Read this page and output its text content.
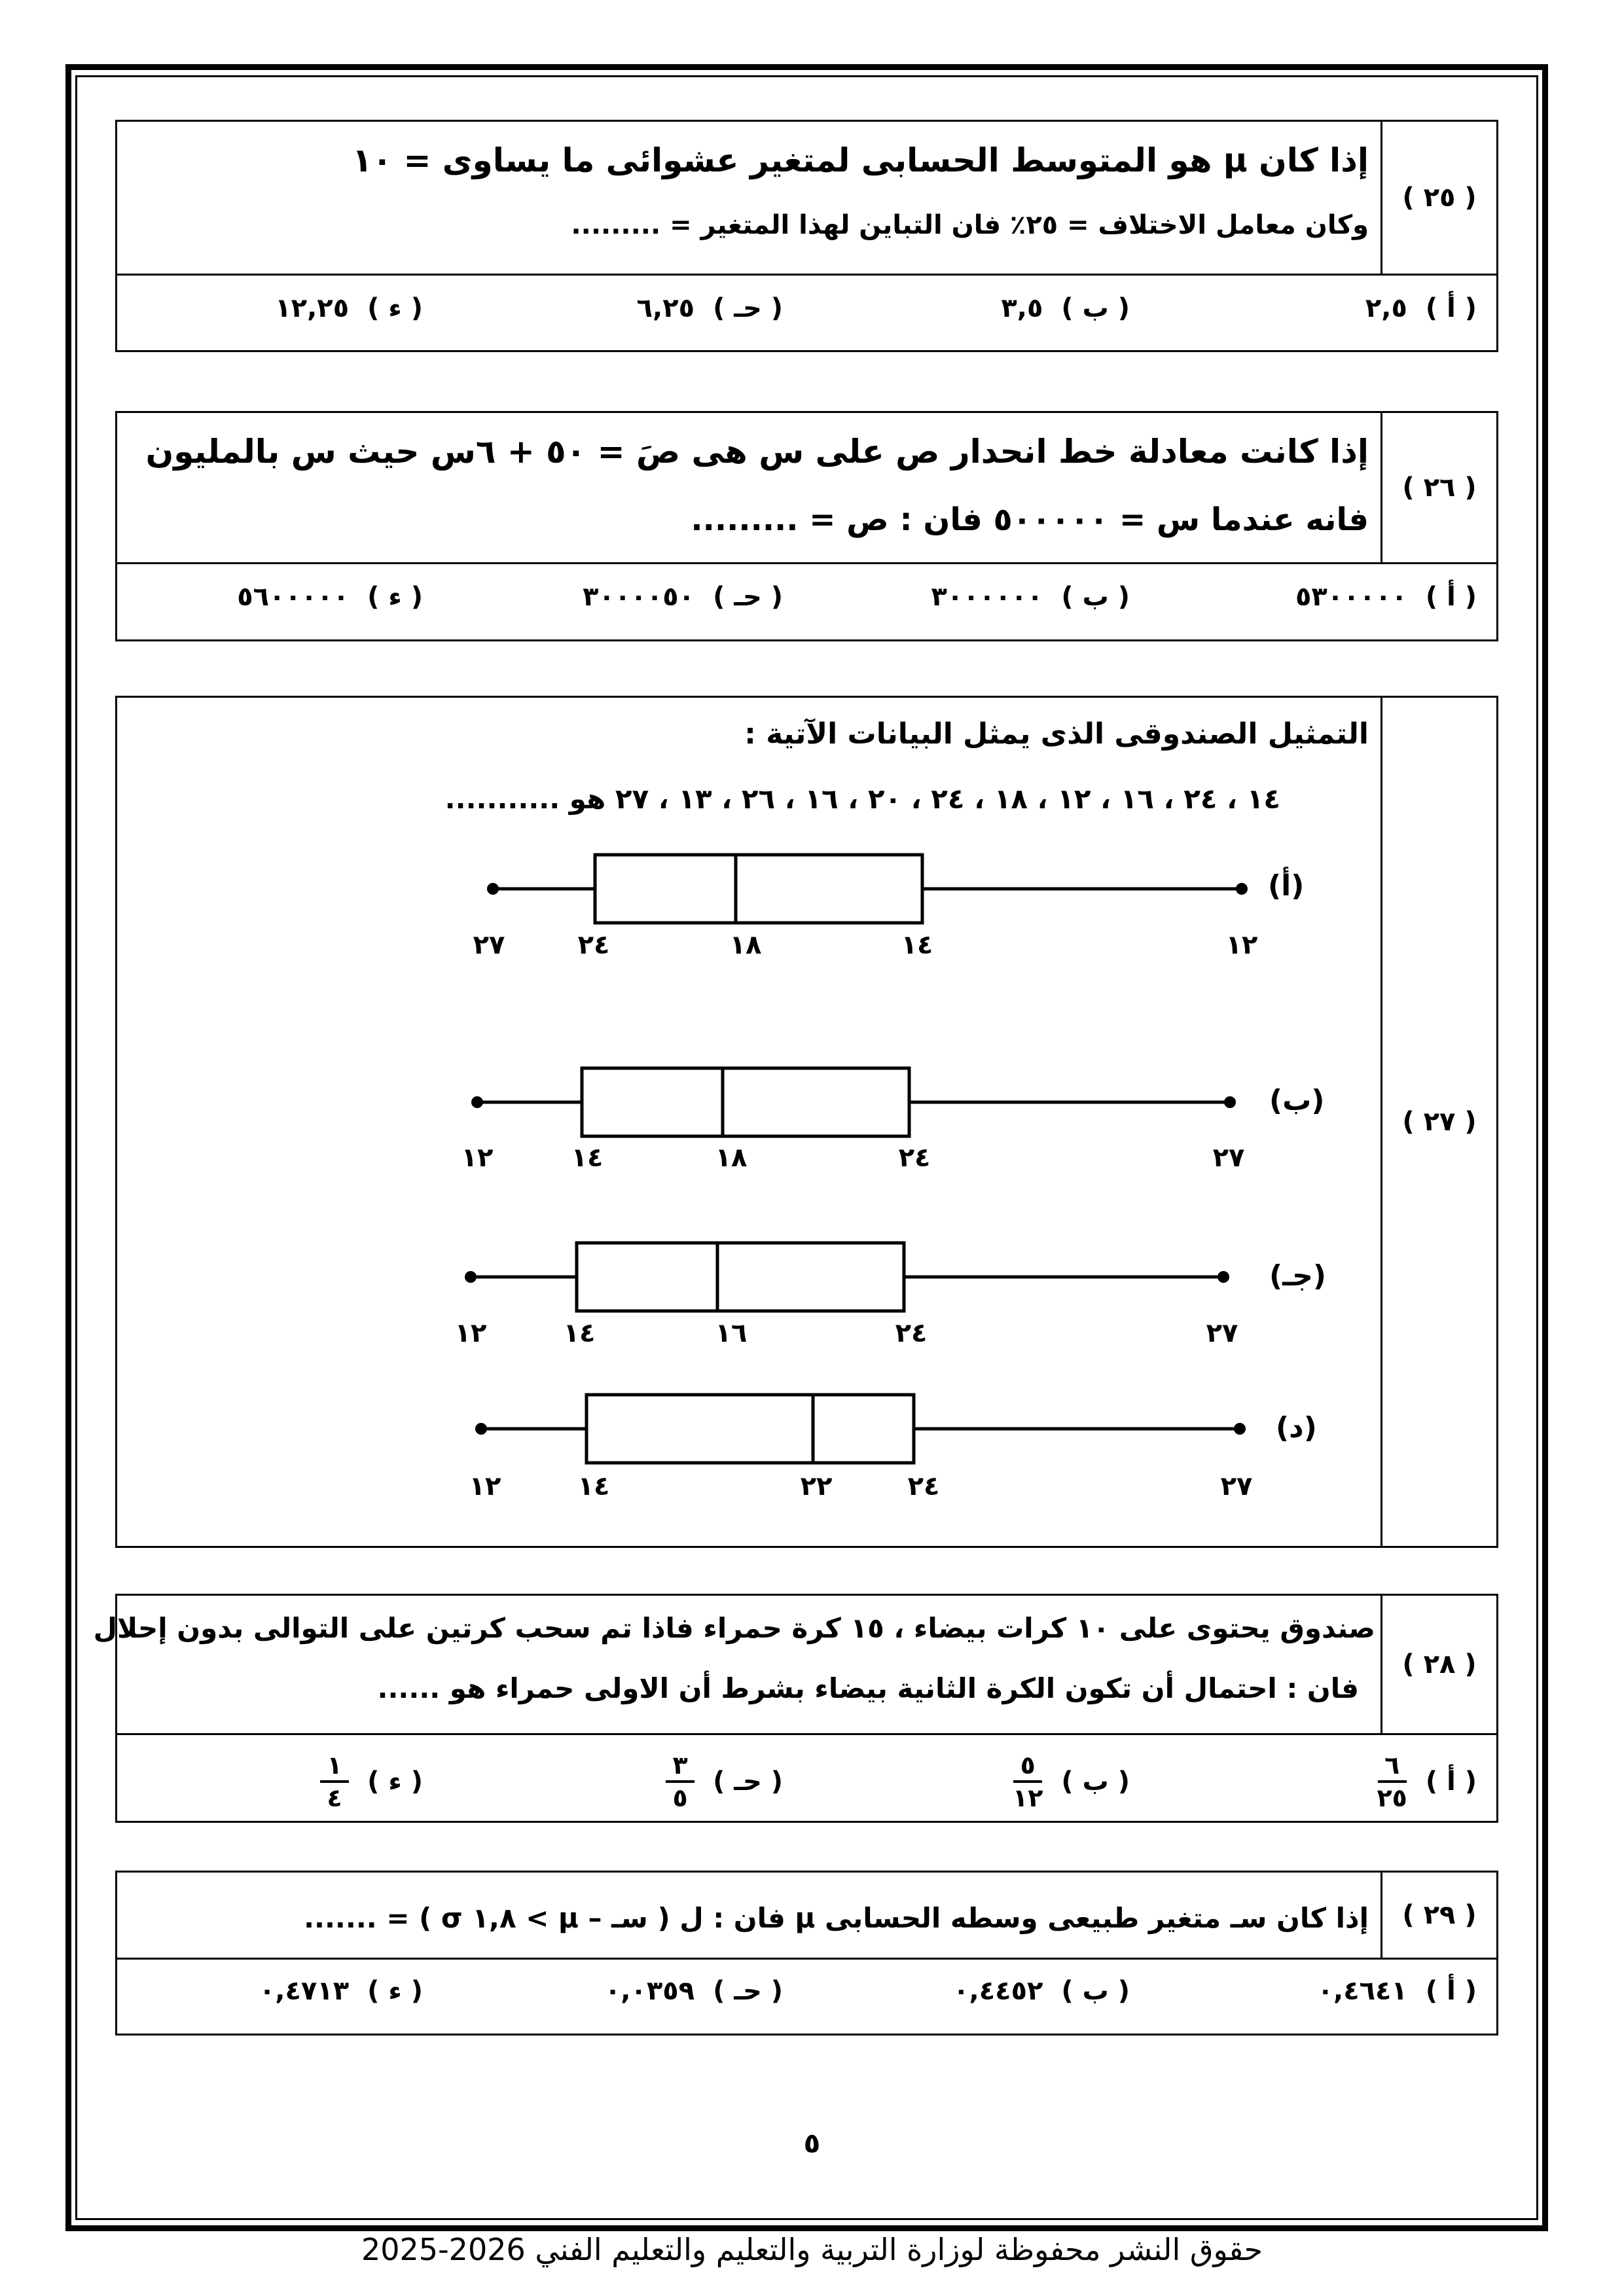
( ٢٥ )
إذا كان µ هو المتوسط الحسابى لمتغير عشوائى ما يساوى = ١٠
وكان معامل الاختلاف = ٢٥٪ فان التباين لهذا المتغير = .........
( أ )
٢,٥
( ب )
٣,٥
( حـ )
٦,٢٥
( ء )
١٢,٢٥
( ٢٦ )
إذا كانت معادلة خط انحدار ص على س هى صَ = ٥٠ + ٦س حيث س بالمليون
فانه عندما س = ٥٠٠٠٠٠ فان : ص = .........
( أ )
٥٣٠٠٠٠٠
( ب )
٣٠٠٠٠٠٠
( حـ )
٣٠٠٠٠٥٠
( ء )
٥٦٠٠٠٠٠
( ٢٧ )
التمثيل الصندوقى الذى يمثل البيانات الآتية :
١٤ ، ٢٤ ، ١٦ ، ١٢ ، ١٨ ، ٢٤ ، ٢٠ ، ١٦ ، ٢٦ ، ١٣ ، ٢٧ هو ...........
(أ)
٢٧	٢٤	١٨	١٤	١٢
(ب)
١٢	١٤	١٨	٢٤	٢٧
(جـ)
١٢	١٤	١٦	٢٤	٢٧
(د)
١٢	١٤	٢٢	٢٤	٢٧
( ٢٨ )
صندوق يحتوى على ١٠ كرات بيضاء ، ١٥ كرة حمراء فاذا تم سحب كرتين على التوالى بدون إحلال
فان : احتمال أن تكون الكرة الثانية بيضاء بشرط أن الاولى حمراء هو ......
( أ )
$\frac{٦}{٢٥}$
( ب )
$\frac{٥}{١٢}$
( حـ )
$\frac{٣}{٥}$
( ء )
$\frac{١}{٤}$
( ٢٩ )
إذا كان سـ متغير طبيعى وسطه الحسابى µ فان : ل ( سـ – µ > ١,٨ σ ) = .......
( أ )
٠,٤٦٤١
( ب )
٠,٤٤٥٢
( حـ )
٠,٠٣٥٩
( ء )
٠,٤٧١٣
٥
حقوق النشر محفوظة لوزارة التربية والتعليم والتعليم الفني 2026-2025
